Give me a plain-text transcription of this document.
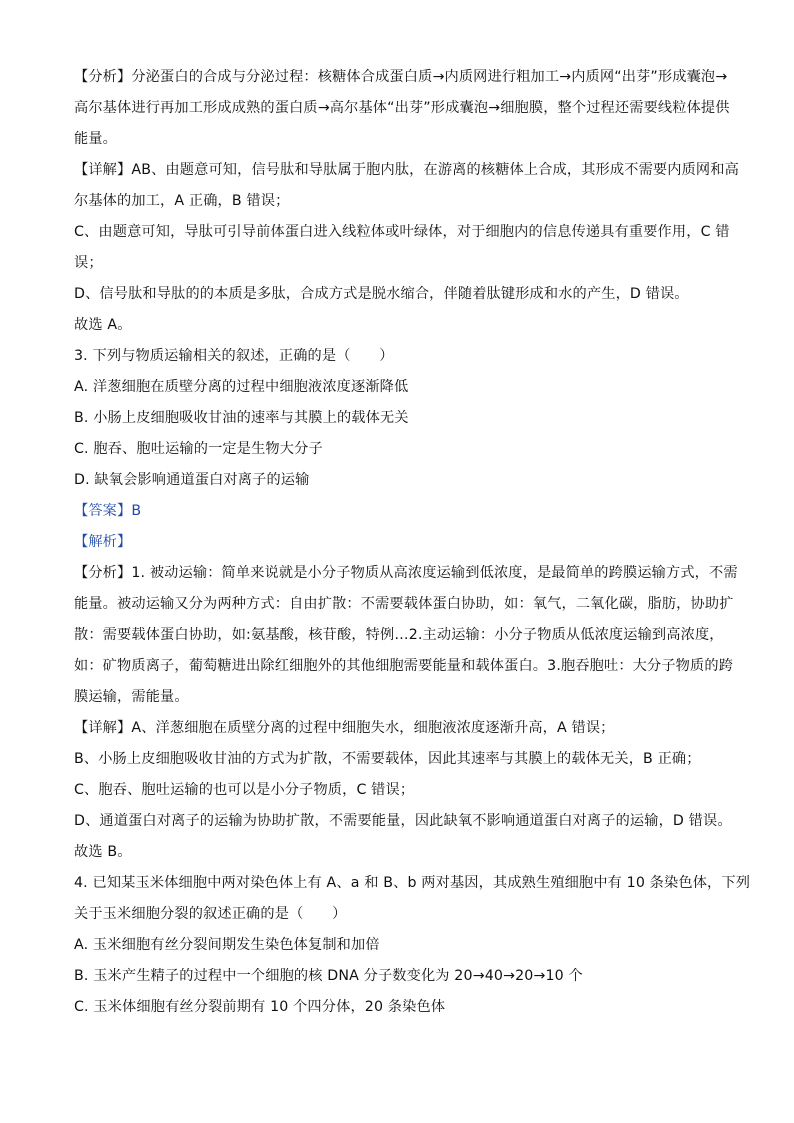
【分析】分泌蛋白的合成与分泌过程：核糖体合成蛋白质→内质网进行粗加工→内质网“出芽”形成囊泡→
高尔基体进行再加工形成成熟的蛋白质→高尔基体“出芽”形成囊泡→细胞膜，整个过程还需要线粒体提供
能量。
【详解】AB、由题意可知，信号肽和导肽属于胞内肽，在游离的核糖体上合成，其形成不需要内质网和高
尔基体的加工，A 正确，B 错误；
C、由题意可知，导肽可引导前体蛋白进入线粒体或叶绿体，对于细胞内的信息传递具有重要作用，C 错
误；
D、信号肽和导肽的的本质是多肽，合成方式是脱水缩合，伴随着肽键形成和水的产生，D 错误。
故选 A。
3. 下列与物质运输相关的叙述，正确的是（　　）
A. 洋葱细胞在质壁分离的过程中细胞液浓度逐渐降低
B. 小肠上皮细胞吸收甘油的速率与其膜上的载体无关
C. 胞吞、胞吐运输的一定是生物大分子
D. 缺氧会影响通道蛋白对离子的运输
【答案】B
【解析】
【分析】1. 被动运输：简单来说就是小分子物质从高浓度运输到低浓度，是最简单的跨膜运输方式，不需
能量。被动运输又分为两种方式：自由扩散：不需要载体蛋白协助，如：氧气，二氧化碳，脂肪，协助扩
散：需要载体蛋白协助，如:氨基酸，核苷酸，特例…2.主动运输：小分子物质从低浓度运输到高浓度，
如：矿物质离子，葡萄糖进出除红细胞外的其他细胞需要能量和载体蛋白。3.胞吞胞吐：大分子物质的跨
膜运输，需能量。
【详解】A、洋葱细胞在质壁分离的过程中细胞失水，细胞液浓度逐渐升高，A 错误；
B、小肠上皮细胞吸收甘油的方式为扩散，不需要载体，因此其速率与其膜上的载体无关，B 正确；
C、胞吞、胞吐运输的也可以是小分子物质，C 错误；
D、通道蛋白对离子的运输为协助扩散，不需要能量，因此缺氧不影响通道蛋白对离子的运输，D 错误。
故选 B。
4. 已知某玉米体细胞中两对染色体上有 A、a 和 B、b 两对基因，其成熟生殖细胞中有 10 条染色体，下列
关于玉米细胞分裂的叙述正确的是（　　）
A. 玉米细胞有丝分裂间期发生染色体复制和加倍
B. 玉米产生精子的过程中一个细胞的核 DNA 分子数变化为 20→40→20→10 个
C. 玉米体细胞有丝分裂前期有 10 个四分体，20 条染色体
